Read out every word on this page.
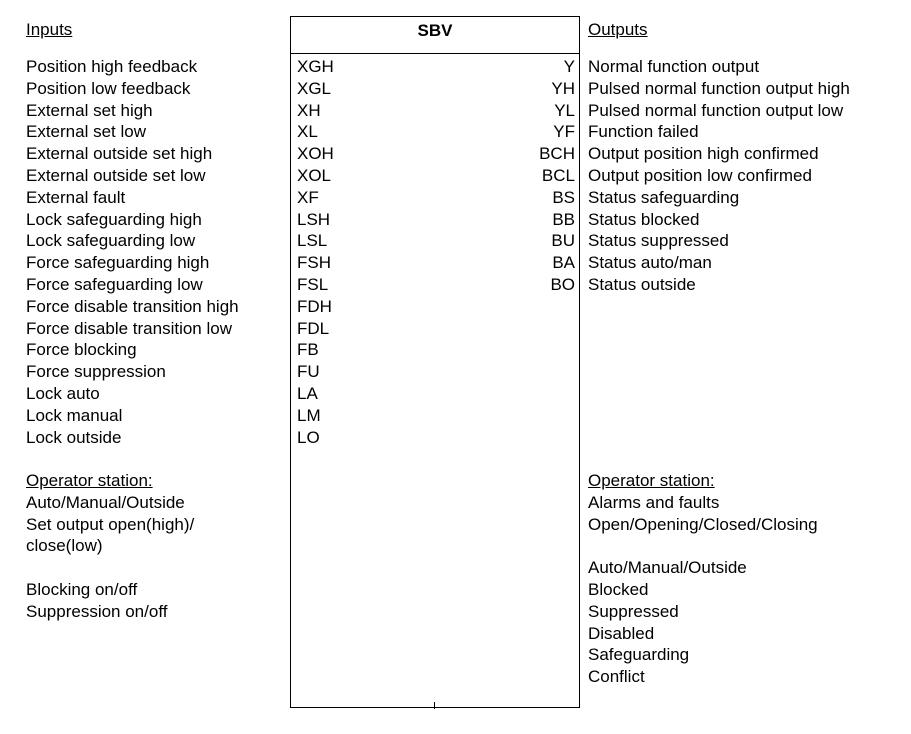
SBV
Inputs	Outputs
Position high feedback
Position low feedback
External set high
External set low
External outside set high
External outside set low
External fault
Lock safeguarding high
Lock safeguarding low
Force safeguarding high
Force safeguarding low
Force disable transition high
Force disable transition low
Force blocking
Force suppression
Lock auto
Lock manual
Lock outside
XGH
XGL
XH
XL
XOH
XOL
XF
LSH
LSL
FSH
FSL
FDH
FDL
FB
FU
LA
LM
LO
Y
YH
YL
YF
BCH
BCL
BS
BB
BU
BA
BO
Normal function output
Pulsed normal function output high
Pulsed normal function output low
Function failed
Output position high confirmed
Output position low confirmed
Status safeguarding
Status blocked
Status suppressed
Status auto/man
Status outside
Operator station:
Auto/Manual/Outside
Set output open(high)/
close(low)
Blocking on/off
Suppression on/off
Operator station:
Alarms and faults
Open/Opening/Closed/Closing
Auto/Manual/Outside
Blocked
Suppressed
Disabled
Safeguarding
Conflict
